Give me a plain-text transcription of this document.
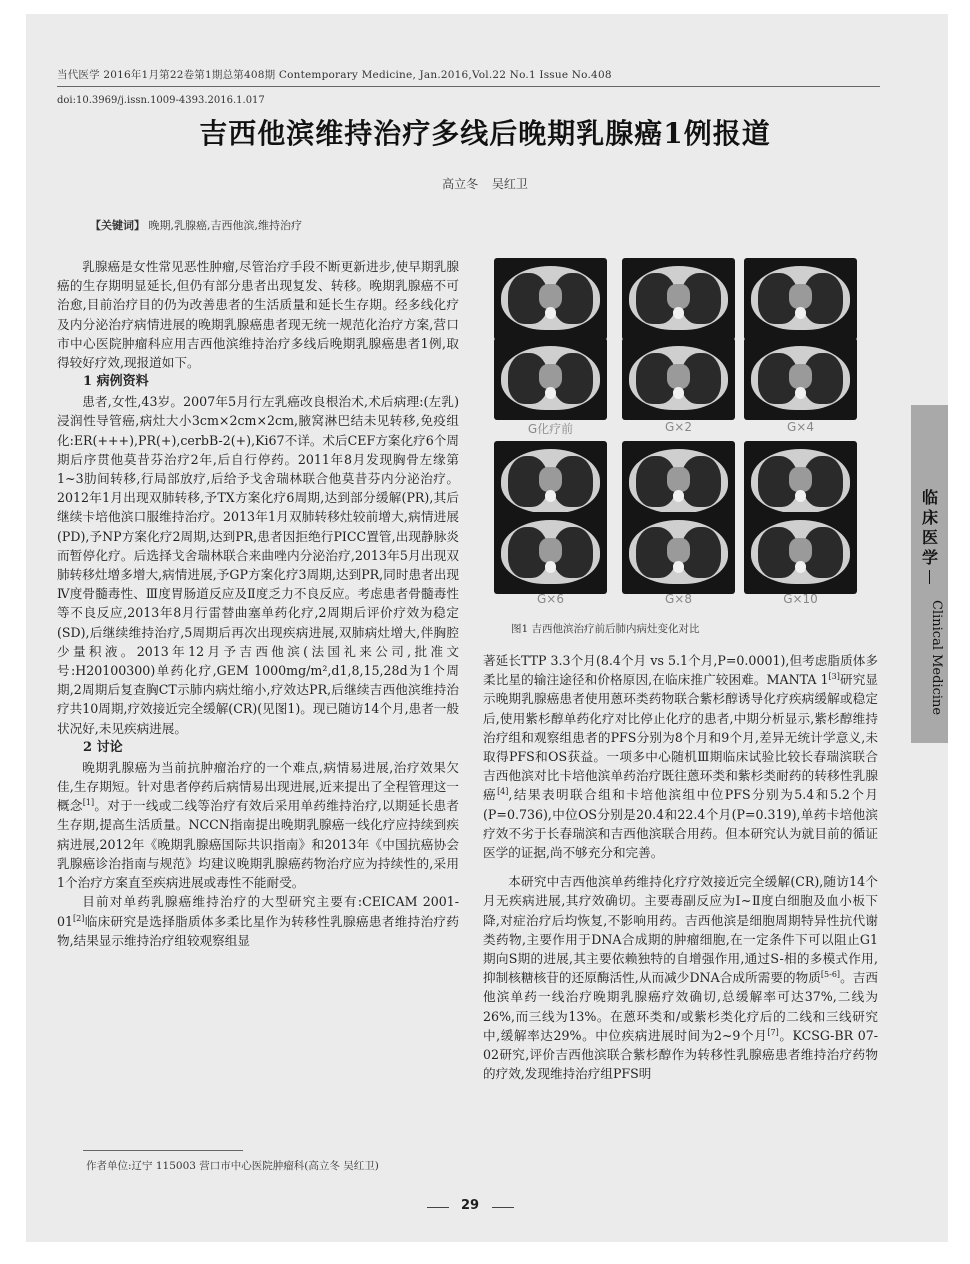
当代医学 2016年1月第22卷第1期总第408期 Contemporary Medicine, Jan.2016,Vol.22 No.1 Issue No.408
doi:10.3969/j.issn.1009-4393.2016.1.017
吉西他滨维持治疗多线后晚期乳腺癌1例报道
高立冬 吴红卫
【关键词】 晚期,乳腺癌,吉西他滨,维持治疗

乳腺癌是女性常见恶性肿瘤,尽管治疗手段不断更新进步,使早期乳腺癌的生存期明显延长,但仍有部分患者出现复发、转移。晚期乳腺癌不可治愈,目前治疗目的仍为改善患者的生活质量和延长生存期。经多线化疗及内分泌治疗病情进展的晚期乳腺癌患者现无统一规范化治疗方案,营口市中心医院肿瘤科应用吉西他滨维持治疗多线后晚期乳腺癌患者1例,取得较好疗效,现报道如下。

1 病例资料

患者,女性,43岁。2007年5月行左乳癌改良根治术,术后病理:(左乳)浸润性导管癌,病灶大小3cm×2cm×2cm,腋窝淋巴结未见转移,免疫组化:ER(+++),PR(+),cerbB-2(+),Ki67不详。术后CEF方案化疗6个周期后序贯他莫昔芬治疗2年,后自行停药。2011年8月发现胸骨左缘第1~3肋间转移,行局部放疗,后给予戈舍瑞林联合他莫昔芬内分泌治疗。2012年1月出现双肺转移,予TX方案化疗6周期,达到部分缓解(PR),其后继续卡培他滨口服维持治疗。2013年1月双肺转移灶较前增大,病情进展(PD),予NP方案化疗2周期,达到PR,患者因拒绝行PICC置管,出现静脉炎而暂停化疗。后选择戈舍瑞林联合来曲唑内分泌治疗,2013年5月出现双肺转移灶增多增大,病情进展,予GP方案化疗3周期,达到PR,同时患者出现Ⅳ度骨髓毒性、Ⅲ度胃肠道反应及Ⅱ度乏力不良反应。考虑患者骨髓毒性等不良反应,2013年8月行雷替曲塞单药化疗,2周期后评价疗效为稳定(SD),后继续维持治疗,5周期后再次出现疾病进展,双肺病灶增大,伴胸腔少量积液。2013年12月予吉西他滨(法国礼来公司,批准文号:H20100300)单药化疗,GEM 1000mg/m²,d1,8,15,28d为1个周期,2周期后复查胸CT示肺内病灶缩小,疗效达PR,后继续吉西他滨维持治疗共10周期,疗效接近完全缓解(CR)(见图1)。现已随访14个月,患者一般状况好,未见疾病进展。

2 讨论

晚期乳腺癌为当前抗肿瘤治疗的一个难点,病情易进展,治疗效果欠佳,生存期短。针对患者停药后病情易出现进展,近来提出了全程管理这一概念[1]。对于一线或二线等治疗有效后采用单药维持治疗,以期延长患者生存期,提高生活质量。NCCN指南提出晚期乳腺癌一线化疗应持续到疾病进展,2012年《晚期乳腺癌国际共识指南》和2013年《中国抗癌协会乳腺癌诊治指南与规范》均建议晚期乳腺癌药物治疗应为持续性的,采用1个治疗方案直至疾病进展或毒性不能耐受。

目前对单药乳腺癌维持治疗的大型研究主要有:CEICAM 2001-01[2]临床研究是选择脂质体多柔比星作为转移性乳腺癌患者维持治疗药物,结果显示维持治疗组较观察组显

G化疗前	G×2	G×4
G×6	G×8	G×10
图1 吉西他滨治疗前后肺内病灶变化对比

著延长TTP 3.3个月(8.4个月 vs 5.1个月,P=0.0001),但考虑脂质体多柔比星的输注途径和价格原因,在临床推广较困难。MANTA 1[3]研究显示晚期乳腺癌患者使用蒽环类药物联合紫杉醇诱导化疗疾病缓解或稳定后,使用紫杉醇单药化疗对比停止化疗的患者,中期分析显示,紫杉醇维持治疗组和观察组患者的PFS分别为8个月和9个月,差异无统计学意义,未取得PFS和OS获益。一项多中心随机Ⅲ期临床试验比较长春瑞滨联合吉西他滨对比卡培他滨单药治疗既往蒽环类和紫杉类耐药的转移性乳腺癌[4],结果表明联合组和卡培他滨组中位PFS分别为5.4和5.2个月(P=0.736),中位OS分别是20.4和22.4个月(P=0.319),单药卡培他滨疗效不劣于长春瑞滨和吉西他滨联合用药。但本研究认为就目前的循证医学的证据,尚不够充分和完善。

本研究中吉西他滨单药维持化疗疗效接近完全缓解(CR),随访14个月无疾病进展,其疗效确切。主要毒副反应为Ⅰ~Ⅱ度白细胞及血小板下降,对症治疗后均恢复,不影响用药。吉西他滨是细胞周期特异性抗代谢类药物,主要作用于DNA合成期的肿瘤细胞,在一定条件下可以阻止G1期向S期的进展,其主要依赖独特的自增强作用,通过S-相的多模式作用,抑制核糖核苷的还原酶活性,从而减少DNA合成所需要的物质[5-6]。吉西他滨单药一线治疗晚期乳腺癌疗效确切,总缓解率可达37%,二线为26%,而三线为13%。在蒽环类和/或紫杉类化疗后的二线和三线研究中,缓解率达29%。中位疾病进展时间为2~9个月[7]。KCSG-BR 07-02研究,评价吉西他滨联合紫杉醇作为转移性乳腺癌患者维持治疗药物的疗效,发现维持治疗组PFS明

临床医学
Clinical Medicine
作者单位:辽宁 115003 营口市中心医院肿瘤科(高立冬 吴红卫)
29
